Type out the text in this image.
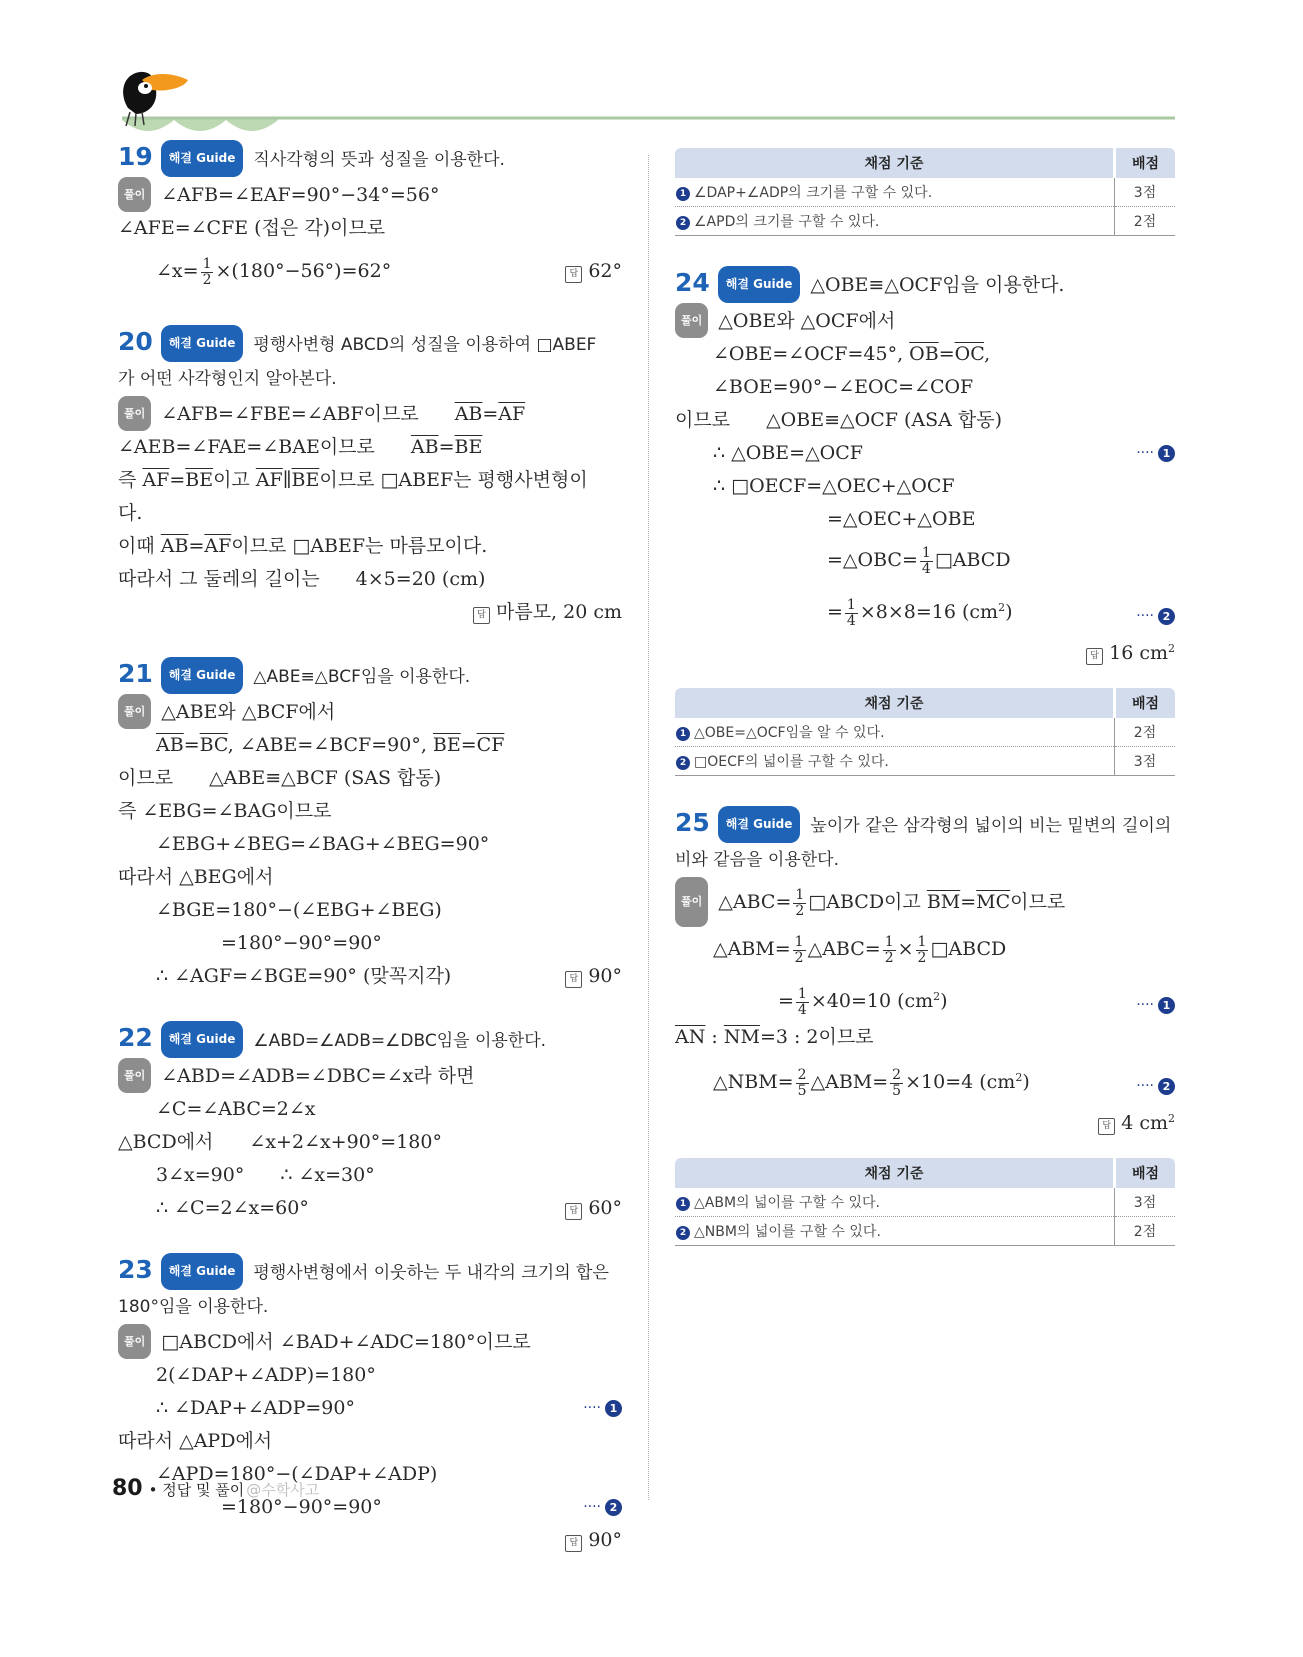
19 해결 Guide 직사각형의 뜻과 성질을 이용한다.
풀이 ∠AFB=∠EAF=90°−34°=56°
∠AFE=∠CFE (접은 각)이므로
∠x= $\frac{1}{2} \times(180^\circ-56^\circ)=62^\circ$	답 62°
20 해결 Guide 평행사변형 ABCD의 성질을 이용하여 □ABEF
가 어떤 사각형인지 알아본다.
풀이 ∠AFB=∠FBE=∠ABF이므로 $\overline{AB}=\overline{AF}$
∠AEB=∠FAE=∠BAE이므로 $\overline{AB}=\overline{BE}$
즉 $\overline{AF}=\overline{BE}$이고 $\overline{AF}\parallel\overline{BE}$이므로 □ABEF는 평행사변형이
다.
이때 $\overline{AB}=\overline{AF}$이므로 □ABEF는 마름모이다.
따라서 그 둘레의 길이는 4×5=20 (cm)
답 마름모, 20 cm
21 해결 Guide △ABE≡△BCF임을 이용한다.
풀이 △ABE와 △BCF에서
$\overline{AB}=\overline{BC}$, ∠ABE=∠BCF=90°, $\overline{BE}=\overline{CF}$
이므로 △ABE≡△BCF (SAS 합동)
즉 ∠EBG=∠BAG이므로
∠EBG+∠BEG=∠BAG+∠BEG=90°
따라서 △BEG에서
∠BGE=180°−(∠EBG+∠BEG)
=180°−90°=90°
∴ ∠AGF=∠BGE=90° (맞꼭지각)	답 90°
22 해결 Guide ∠ABD=∠ADB=∠DBC임을 이용한다.
풀이 ∠ABD=∠ADB=∠DBC=∠x라 하면
∠C=∠ABC=2∠x
△BCD에서 ∠x+2∠x+90°=180°
3∠x=90° ∴ ∠x=30°
∴ ∠C=2∠x=60°	답 60°
23 해결 Guide 평행사변형에서 이웃하는 두 내각의 크기의 합은
180°임을 이용한다.
풀이 □ABCD에서 ∠BAD+∠ADC=180°이므로
2(∠DAP+∠ADP)=180°
∴ ∠DAP+∠ADP=90°	···· 1
따라서 △APD에서
∠APD=180°−(∠DAP+∠ADP)
=180°−90°=90°	···· 2
답 90°
채점 기준	배점
1 ∠DAP+∠ADP의 크기를 구할 수 있다.	3점
2 ∠APD의 크기를 구할 수 있다.	2점
24 해결 Guide △OBE≡△OCF임을 이용한다.
풀이 △OBE와 △OCF에서
∠OBE=∠OCF=45°, $\overline{OB}=\overline{OC}$,
∠BOE=90°−∠EOC=∠COF
이므로 △OBE≡△OCF (ASA 합동)
∴ △OBE=△OCF	···· 1
∴ □OECF=△OEC+△OCF
=△OEC+△OBE
=△OBC= $\frac{1}{4}$ □ABCD
= $\frac{1}{4} \times 8\times 8=16$ $(cm^2)$	···· 2
답 16 $cm^2$
채점 기준	배점
1 △OBE=△OCF임을 알 수 있다.	2점
2 □OECF의 넓이를 구할 수 있다.	3점
25 해결 Guide 높이가 같은 삼각형의 넓이의 비는 밑변의 길이의
비와 같음을 이용한다.
풀이 △ABC= $\frac{1}{2}$ □ABCD이고 $\overline{BM}=\overline{MC}$이므로
△ABM= $\frac{1}{2}$ △ABC= $\frac{1}{2} \times \frac{1}{2}$ □ABCD
= $\frac{1}{4} \times 40=10$ $(cm^2)$	···· 1
$\overline{AN}$ : $\overline{NM}=3$ : 2이므로
△NBM= $\frac{2}{5}$ △ABM= $\frac{2}{5} \times 10=4$ $(cm^2)$	···· 2
답 4 $cm^2$
채점 기준	배점
1 △ABM의 넓이를 구할 수 있다.	3점
2 △NBM의 넓이를 구할 수 있다.	2점
80 • 정답 및 풀이 @수학사고
